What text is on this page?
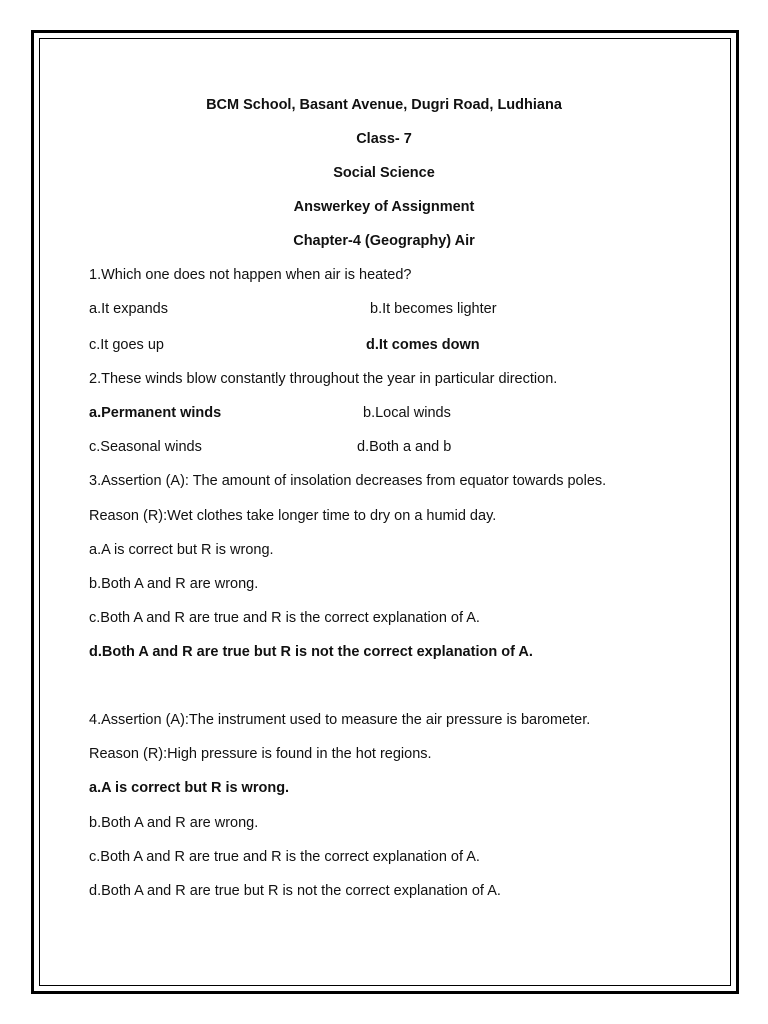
BCM School, Basant Avenue, Dugri Road, Ludhiana
Class- 7
Social Science
Answerkey of Assignment
Chapter-4 (Geography) Air
1.Which one does not happen when air is heated?
a.It expands	b.It becomes lighter
c.It goes up	d.It comes down
2.These winds blow constantly throughout the year in particular direction.
a.Permanent winds	b.Local winds
c.Seasonal winds	d.Both a and b
3.Assertion (A): The amount of insolation decreases from equator towards poles.
Reason (R):Wet clothes take longer time to dry on a humid day.
a.A is correct but R is wrong.
b.Both A and R are wrong.
c.Both A and R are true and R is the correct explanation of A.
d.Both A and R are true but R is not the correct explanation of A.
4.Assertion (A):The instrument used to measure the air pressure is barometer.
Reason (R):High pressure is found in the hot regions.
a.A is correct but R is wrong.
b.Both A and R are wrong.
c.Both A and R are true and R is the correct explanation of A.
d.Both A and R are true but R is not the correct explanation of A.
